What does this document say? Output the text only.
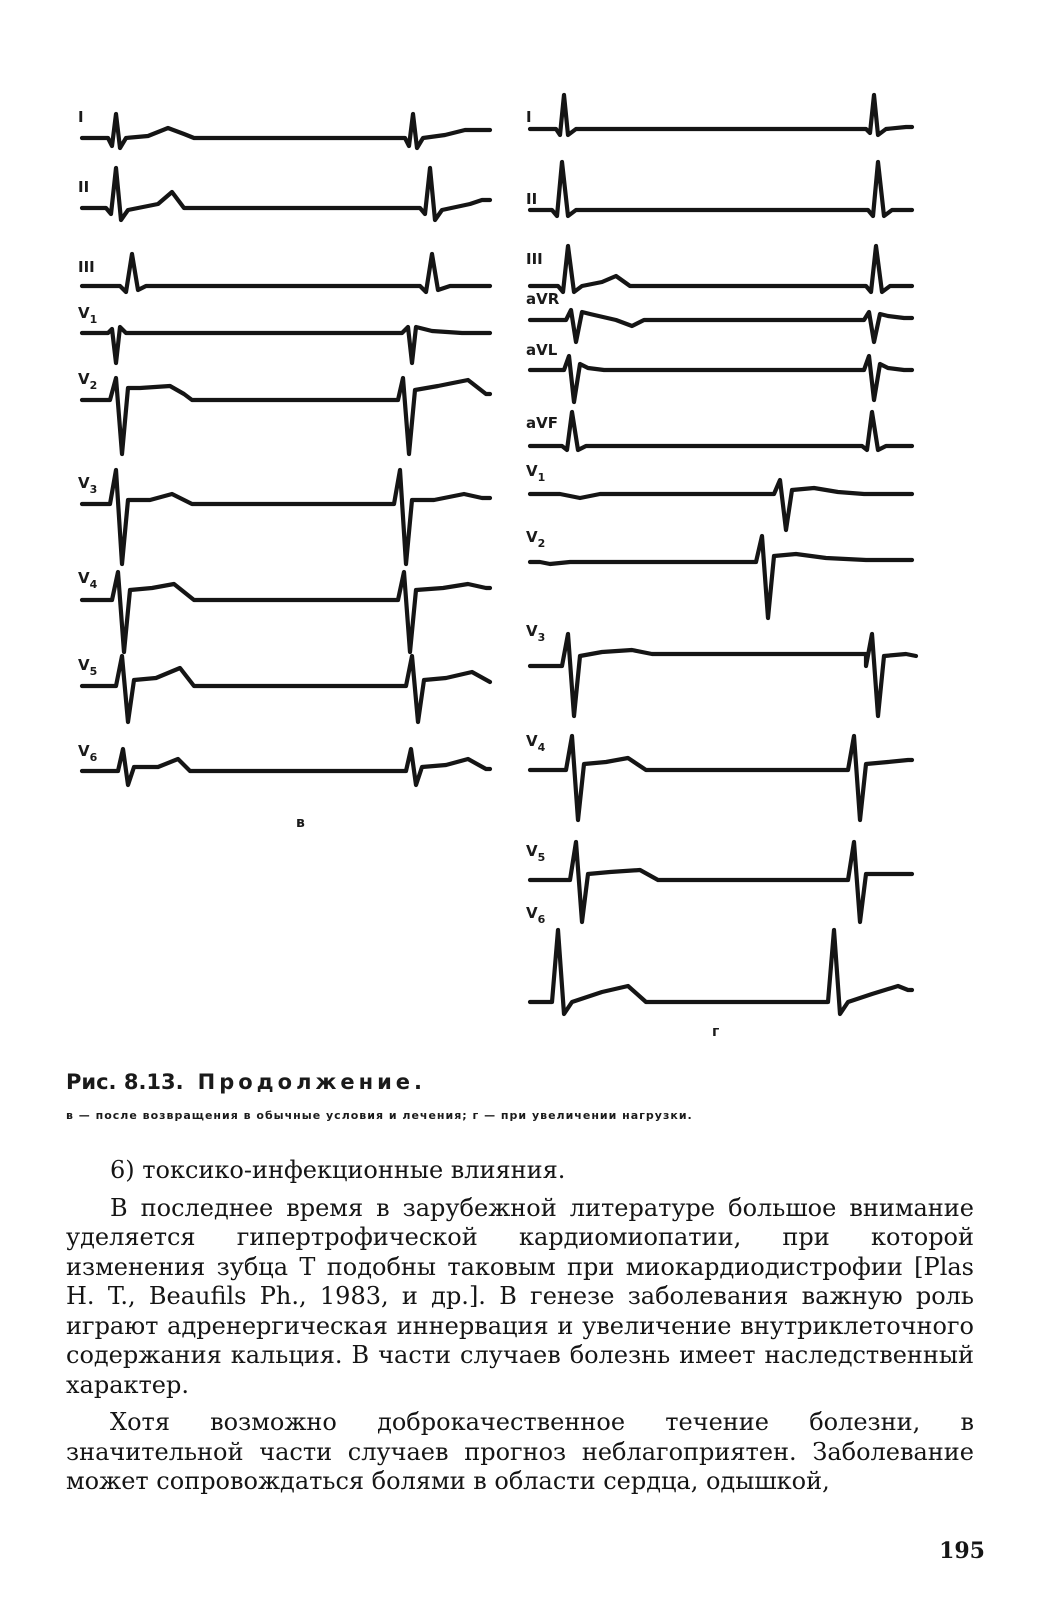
I
II
III
$V_1$
$V_2$
$V_3$
$V_4$
$V_5$
$V_6$
I
II
III
aVR
aVL
aVF
$V_1$
$V_2$
$V_3$
$V_4$
$V_5$
$V_6$
в
г
Рис. 8.13. Продолжение.
в — после возвращения в обычные условия и лечения; г — при увеличении нагрузки.

6) токсико-инфекционные влияния.

В последнее время в зарубежной литературе большое внимание уделяется гипертрофической кардиомиопатии, при которой изменения зубца T подобны таковым при миокардиодистрофии [Plas H. T., Beaufils Ph., 1983, и др.]. В генезе заболевания важную роль играют адренергическая иннервация и увеличение внутриклеточного содержания кальция. В части случаев болезнь имеет наследственный характер.

Хотя возможно доброкачественное течение болезни, в значительной части случаев прогноз неблагоприятен. Заболевание может сопровождаться болями в области сердца, одышкой,

195
